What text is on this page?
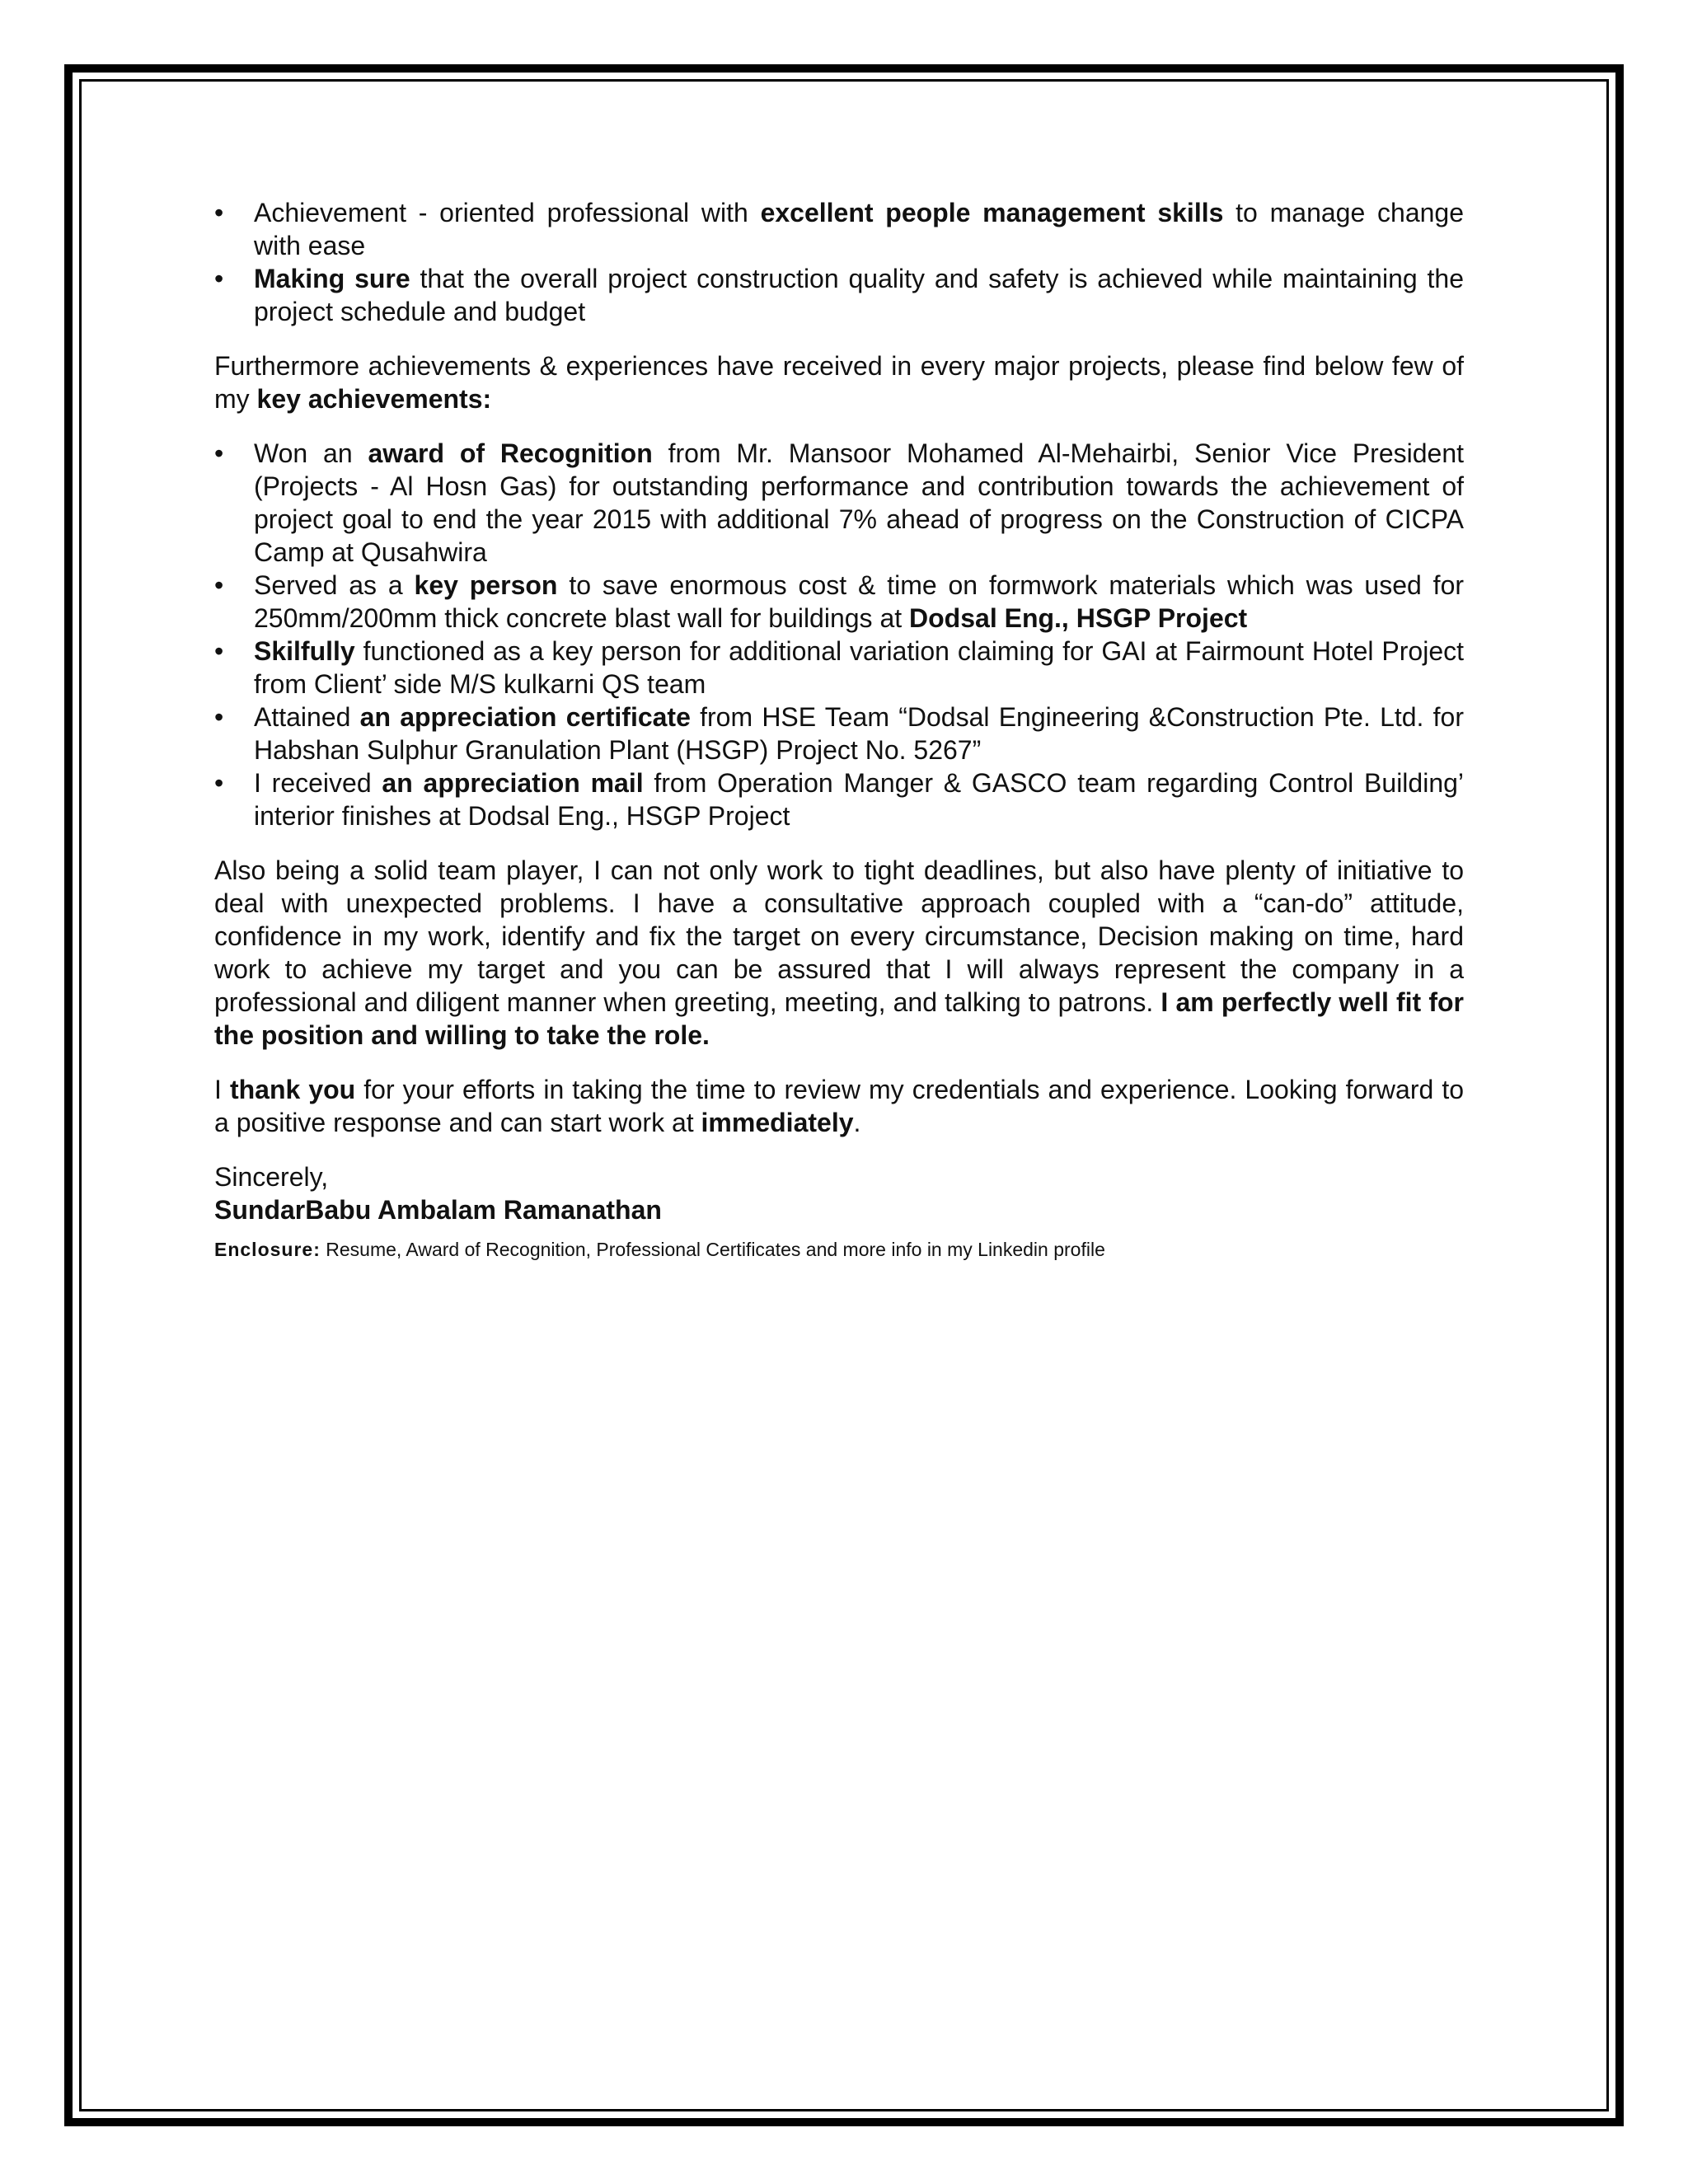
• Achievement - oriented professional with excellent people management skills to manage change with ease
• Making sure that the overall project construction quality and safety is achieved while maintaining the project schedule and budget

Furthermore achievements & experiences have received in every major projects, please find below few of my key achievements:

• Won an award of Recognition from Mr. Mansoor Mohamed Al-Mehairbi, Senior Vice President (Projects - Al Hosn Gas) for outstanding performance and contribution towards the achievement of project goal to end the year 2015 with additional 7% ahead of progress on the Construction of CICPA Camp at Qusahwira
• Served as a key person to save enormous cost & time on formwork materials which was used for 250mm/200mm thick concrete blast wall for buildings at Dodsal Eng., HSGP Project
• Skilfully functioned as a key person for additional variation claiming for GAI at Fairmount Hotel Project from Client’ side M/S kulkarni QS team
• Attained an appreciation certificate from HSE Team “Dodsal Engineering &Construction Pte. Ltd. for Habshan Sulphur Granulation Plant (HSGP) Project No. 5267”
• I received an appreciation mail from Operation Manger & GASCO team regarding Control Building’ interior finishes at Dodsal Eng., HSGP Project

Also being a solid team player, I can not only work to tight deadlines, but also have plenty of initiative to deal with unexpected problems. I have a consultative approach coupled with a “can-do” attitude, confidence in my work, identify and fix the target on every circumstance, Decision making on time, hard work to achieve my target and you can be assured that I will always represent the company in a professional and diligent manner when greeting, meeting, and talking to patrons. I am perfectly well fit for the position and willing to take the role.

I thank you for your efforts in taking the time to review my credentials and experience. Looking forward to a positive response and can start work at immediately.

Sincerely,

SundarBabu Ambalam Ramanathan

Enclosure: Resume, Award of Recognition, Professional Certificates and more info in my Linkedin profile
